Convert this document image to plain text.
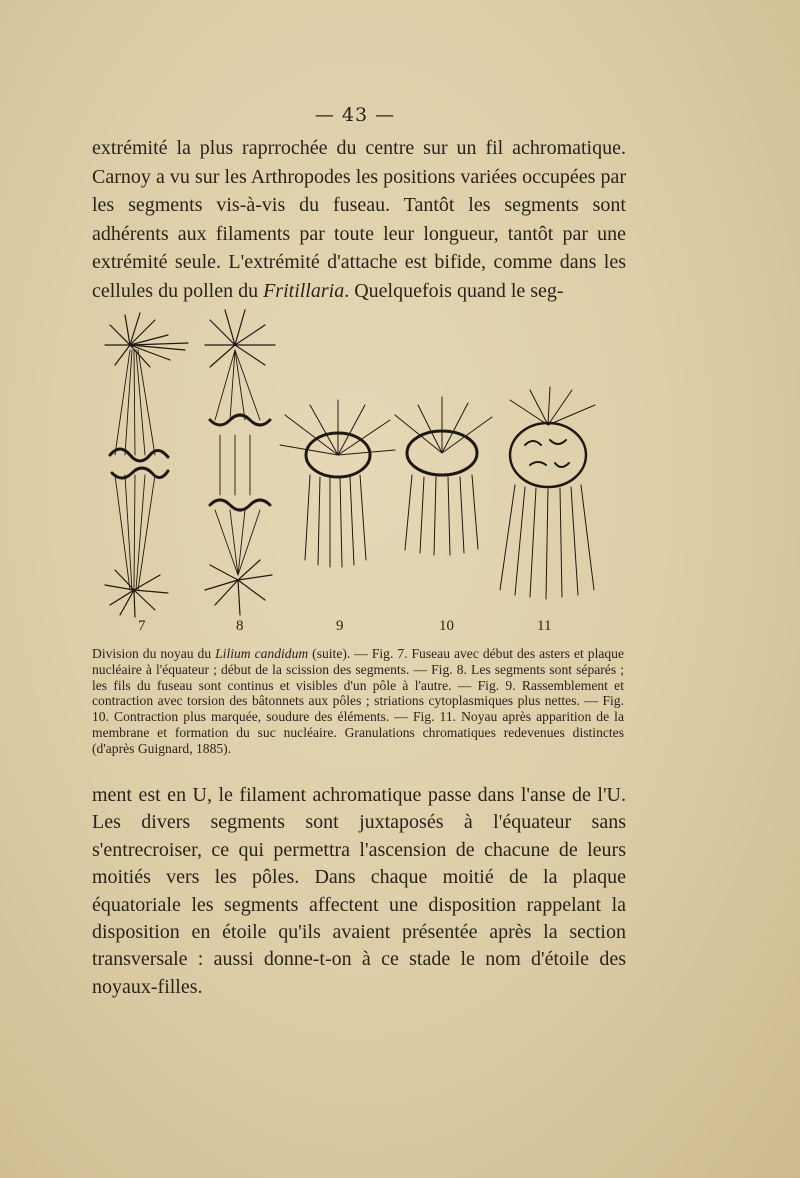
— 43 —

extrémité la plus raprrochée du centre sur un fil achromatique. Carnoy a vu sur les Arthropodes les positions variées occupées par les segments vis-à-vis du fuseau. Tantôt les segments sont adhérents aux filaments par toute leur longueur, tantôt par une extrémité seule. L'extrémité d'attache est bifide, comme dans les cellules du pollen du Fritillaria. Quelquefois quand le seg-

7	8	9	10	11

Division du noyau du Lilium candidum (suite). — Fig. 7. Fuseau avec début des asters et plaque nucléaire à l'équateur ; début de la scission des segments. — Fig. 8. Les segments sont séparés ; les fils du fuseau sont continus et visibles d'un pôle à l'autre. — Fig. 9. Rassemblement et contraction avec torsion des bâtonnets aux pôles ; striations cytoplasmiques plus nettes. — Fig. 10. Contraction plus marquée, soudure des éléments. — Fig. 11. Noyau après apparition de la membrane et formation du suc nucléaire. Granulations chromatiques redevenues distinctes (d'après Guignard, 1885).

ment est en U, le filament achromatique passe dans l'anse de l'U. Les divers segments sont juxtaposés à l'équateur sans s'entrecroiser, ce qui permettra l'ascension de chacune de leurs moitiés vers les pôles. Dans chaque moitié de la plaque équatoriale les segments affectent une disposition rappelant la disposition en étoile qu'ils avaient présentée après la section transversale : aussi donne-t-on à ce stade le nom d'étoile des noyaux-filles.
